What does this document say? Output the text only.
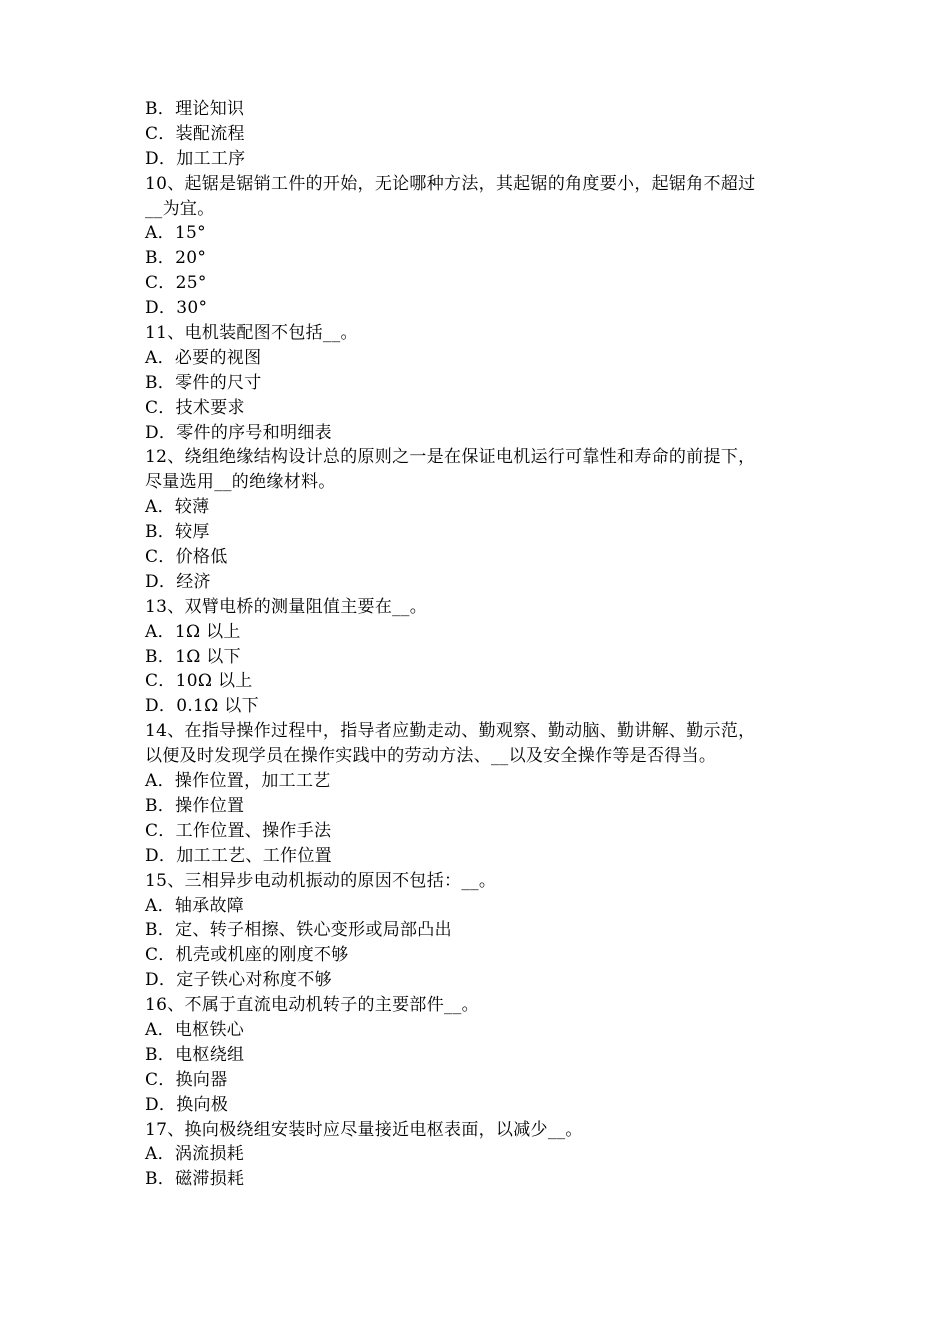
B．理论知识
C．装配流程
D．加工工序
10、起锯是锯销工件的开始，无论哪种方法，其起锯的角度要小，起锯角不超过
__为宜。
A．15°
B．20°
C．25°
D．30°
11、电机装配图不包括__。
A．必要的视图
B．零件的尺寸
C．技术要求
D．零件的序号和明细表
12、绕组绝缘结构设计总的原则之一是在保证电机运行可靠性和寿命的前提下，
尽量选用__的绝缘材料。
A．较薄
B．较厚
C．价格低
D．经济
13、双臂电桥的测量阻值主要在__。
A．1Ω 以上
B．1Ω 以下
C．10Ω 以上
D．0.1Ω 以下
14、在指导操作过程中，指导者应勤走动、勤观察、勤动脑、勤讲解、勤示范，
以便及时发现学员在操作实践中的劳动方法、__以及安全操作等是否得当。
A．操作位置，加工工艺
B．操作位置
C．工作位置、操作手法
D．加工工艺、工作位置
15、三相异步电动机振动的原因不包括：__。
A．轴承故障
B．定、转子相擦、铁心变形或局部凸出
C．机壳或机座的刚度不够
D．定子铁心对称度不够
16、不属于直流电动机转子的主要部件__。
A．电枢铁心
B．电枢绕组
C．换向器
D．换向极
17、换向极绕组安装时应尽量接近电枢表面，以减少__。
A．涡流损耗
B．磁滞损耗
